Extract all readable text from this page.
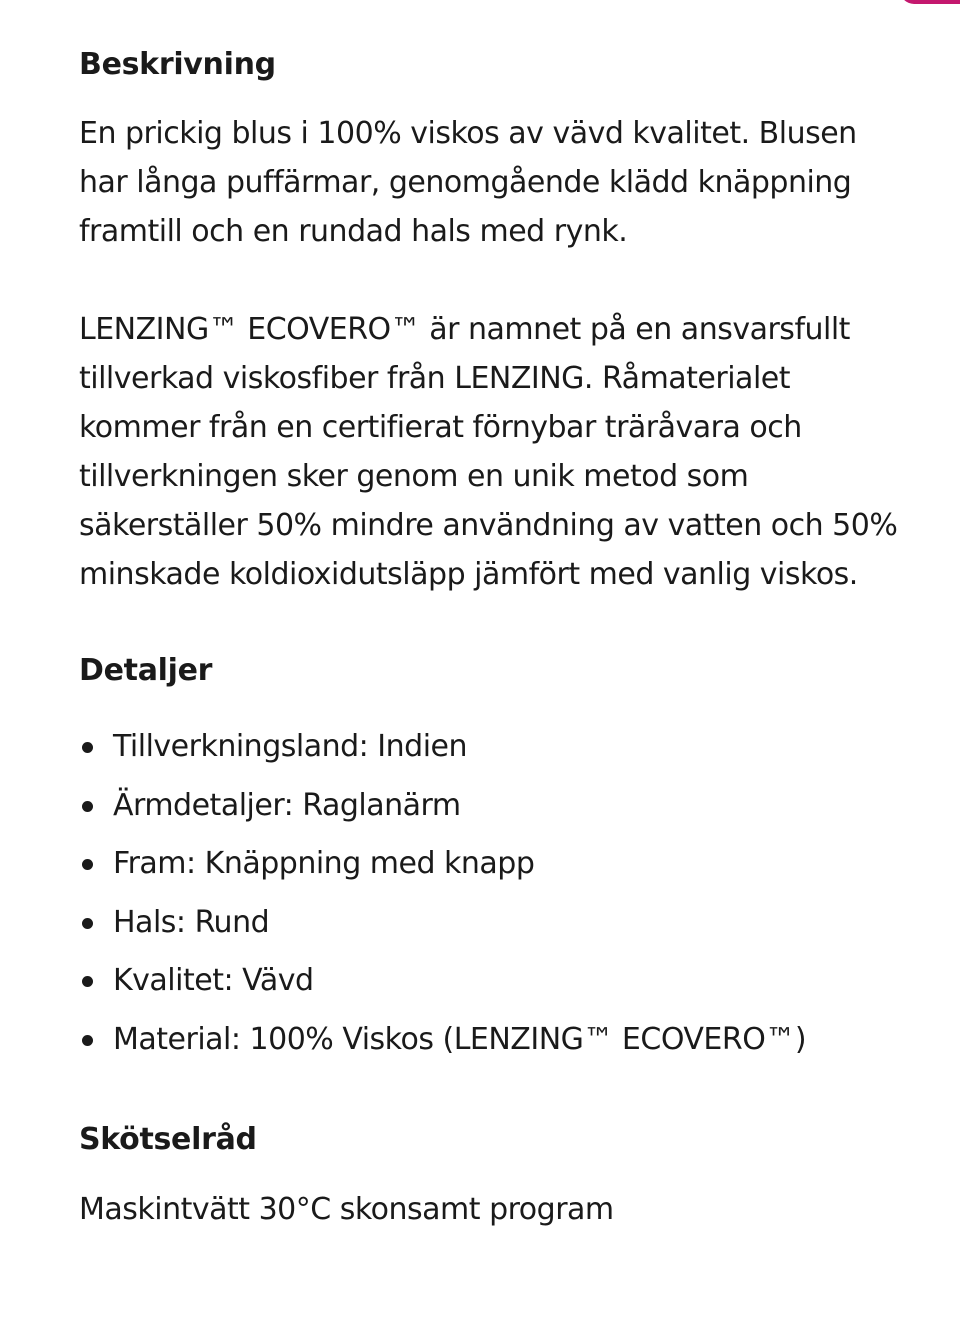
Beskrivning

En prickig blus i 100% viskos av vävd kvalitet. Blusen har långa puffärmar, genomgående klädd knäppning framtill och en rundad hals med rynk.

LENZING™ ECOVERO™ är namnet på en ansvarsfullt tillverkad viskosfiber från LENZING. Råmaterialet kommer från en certifierat förnybar träråvara och tillverkningen sker genom en unik metod som säkerställer 50% mindre användning av vatten och 50% minskade koldioxidutsläpp jämfört med vanlig viskos.

Detaljer
Tillverkningsland: Indien
Ärmdetaljer: Raglanärm
Fram: Knäppning med knapp
Hals: Rund
Kvalitet: Vävd
Material: 100% Viskos (LENZING™ ECOVERO™)
Skötselråd

Maskintvätt 30°C skonsamt program
